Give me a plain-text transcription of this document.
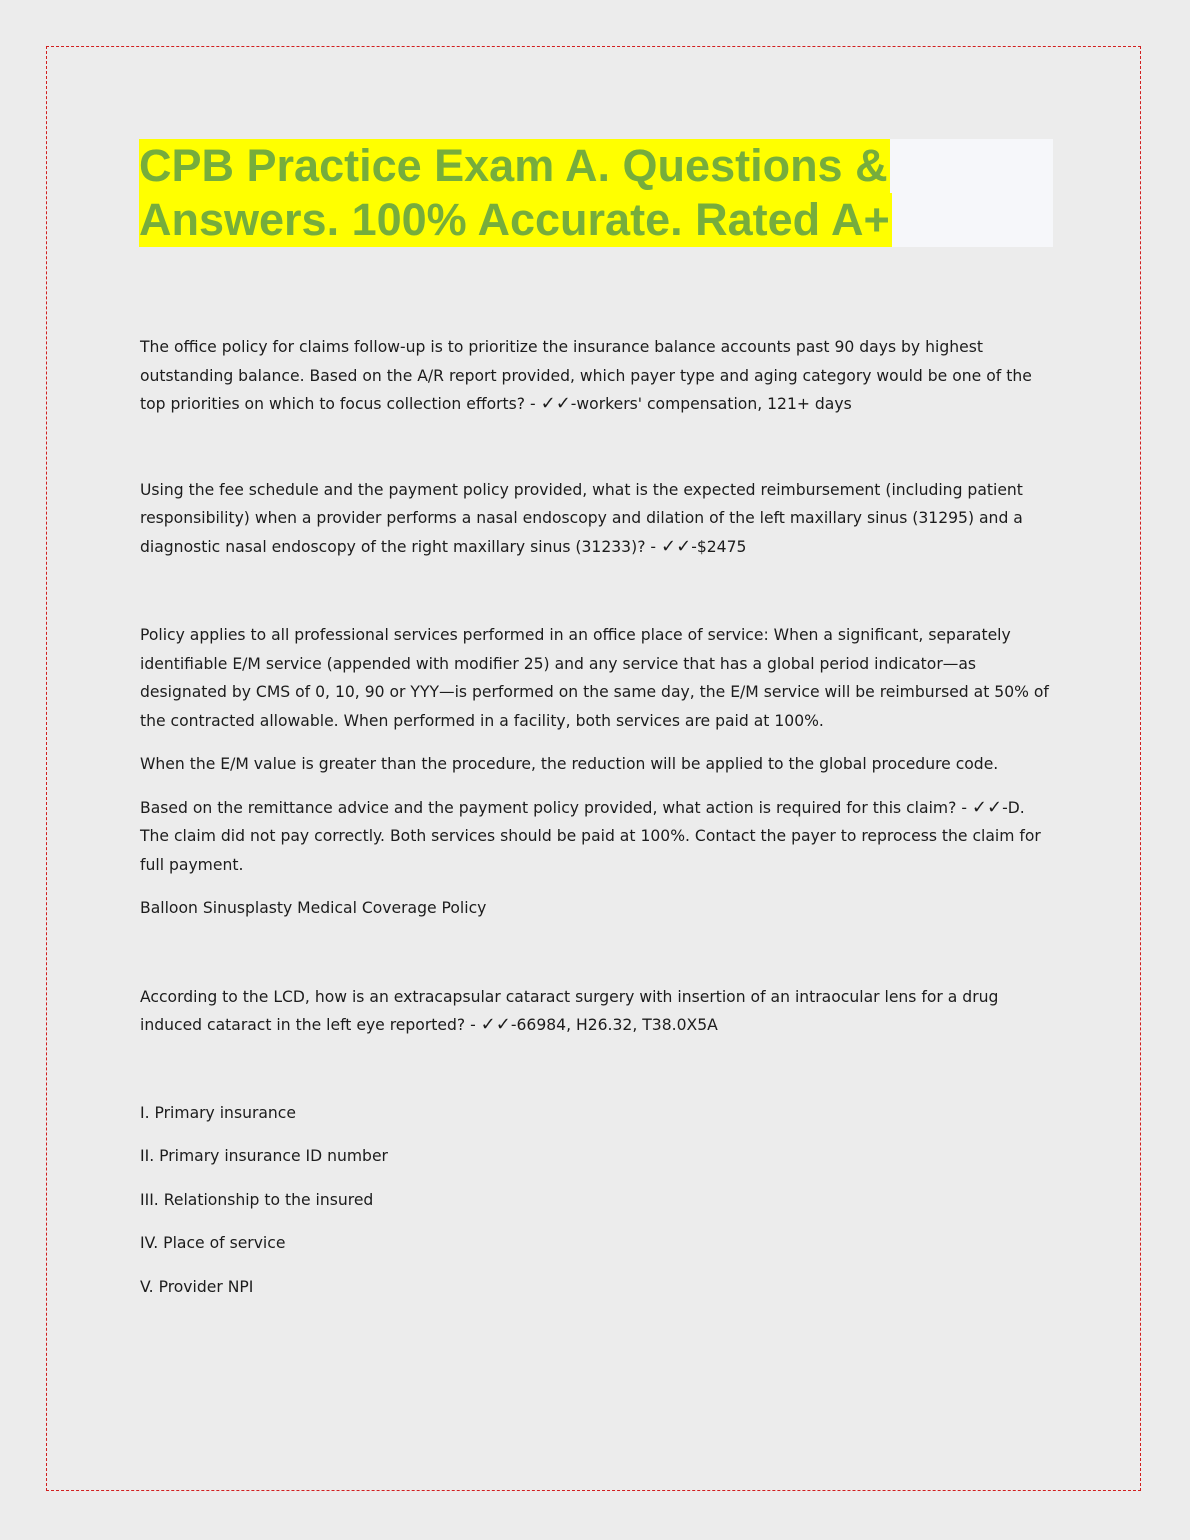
CPB Practice Exam A. Questions &
Answers. 100% Accurate. Rated A+

The office policy for claims follow-up is to prioritize the insurance balance accounts past 90 days by highest outstanding balance. Based on the A/R report provided, which payer type and aging category would be one of the top priorities on which to focus collection efforts? - ✓✓-workers' compensation, 121+ days

Using the fee schedule and the payment policy provided, what is the expected reimbursement (including patient responsibility) when a provider performs a nasal endoscopy and dilation of the left maxillary sinus (31295) and a diagnostic nasal endoscopy of the right maxillary sinus (31233)? - ✓✓-$2475

Policy applies to all professional services performed in an office place of service: When a significant, separately identifiable E/M service (appended with modifier 25) and any service that has a global period indicator—as designated by CMS of 0, 10, 90 or YYY—is performed on the same day, the E/M service will be reimbursed at 50% of the contracted allowable. When performed in a facility, both services are paid at 100%.

When the E/M value is greater than the procedure, the reduction will be applied to the global procedure code.

Based on the remittance advice and the payment policy provided, what action is required for this claim? - ✓✓-D. The claim did not pay correctly. Both services should be paid at 100%. Contact the payer to reprocess the claim for full payment.

Balloon Sinusplasty Medical Coverage Policy

According to the LCD, how is an extracapsular cataract surgery with insertion of an intraocular lens for a drug induced cataract in the left eye reported? - ✓✓-66984, H26.32, T38.0X5A

I. Primary insurance

II. Primary insurance ID number

III. Relationship to the insured

IV. Place of service

V. Provider NPI
